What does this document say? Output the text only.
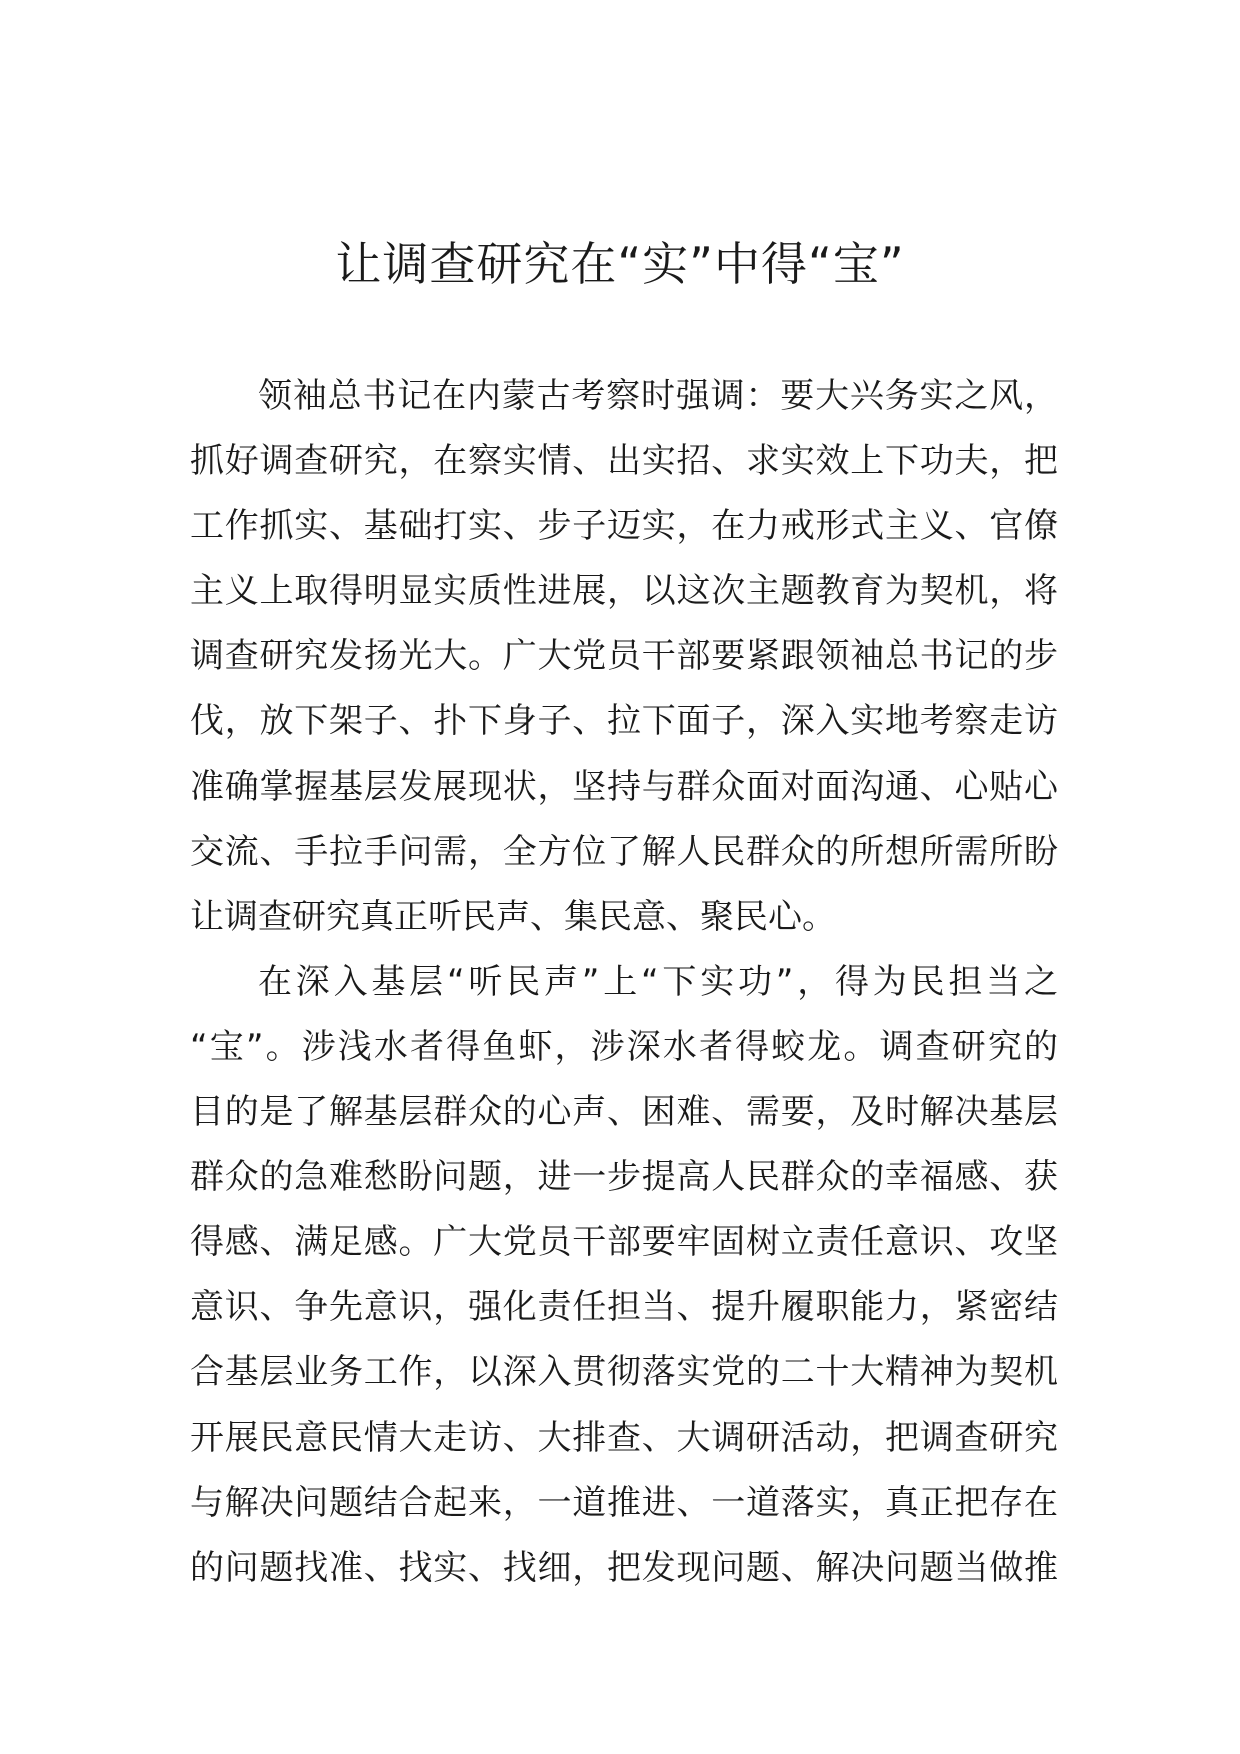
让调查研究在“实”中得“宝”

领袖总书记在内蒙古考察时强调：要大兴务实之风，

抓好调查研究，在察实情、出实招、求实效上下功夫，把

工作抓实、基础打实、步子迈实，在力戒形式主义、官僚

主义上取得明显实质性进展，以这次主题教育为契机，将

调查研究发扬光大。广大党员干部要紧跟领袖总书记的步

伐，放下架子、扑下身子、拉下面子，深入实地考察走访

准确掌握基层发展现状，坚持与群众面对面沟通、心贴心

交流、手拉手问需，全方位了解人民群众的所想所需所盼

让调查研究真正听民声、集民意、聚民心。

在深入基层“听民声”上“下实功”，得为民担当之

“宝”。涉浅水者得鱼虾，涉深水者得蛟龙。调查研究的

目的是了解基层群众的心声、困难、需要，及时解决基层

群众的急难愁盼问题，进一步提高人民群众的幸福感、获

得感、满足感。广大党员干部要牢固树立责任意识、攻坚

意识、争先意识，强化责任担当、提升履职能力，紧密结

合基层业务工作，以深入贯彻落实党的二十大精神为契机

开展民意民情大走访、大排查、大调研活动，把调查研究

与解决问题结合起来，一道推进、一道落实，真正把存在

的问题找准、找实、找细，把发现问题、解决问题当做推
